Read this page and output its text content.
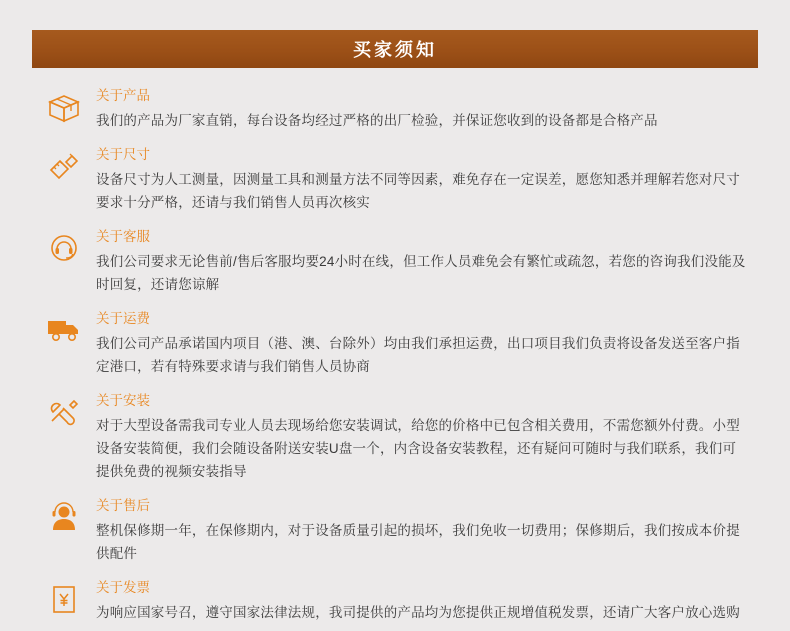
买家须知

关于产品

我们的产品为厂家直销，每台设备均经过严格的出厂检验，并保证您收到的设备都是合格产品

关于尺寸

设备尺寸为人工测量，因测量工具和测量方法不同等因素，难免存在一定误差，愿您知悉并理解若您对尺寸要求十分严格，还请与我们销售人员再次核实

关于客服

我们公司要求无论售前/售后客服均要24小时在线，但工作人员难免会有繁忙或疏忽，若您的咨询我们没能及时回复，还请您谅解

关于运费

我们公司产品承诺国内项目（港、澳、台除外）均由我们承担运费，出口项目我们负责将设备发送至客户指定港口，若有特殊要求请与我们销售人员协商

关于安装

对于大型设备需我司专业人员去现场给您安装调试，给您的价格中已包含相关费用，不需您额外付费。小型设备安装简便，我们会随设备附送安装U盘一个，内含设备安装教程，还有疑问可随时与我们联系，我们可提供免费的视频安装指导

关于售后

整机保修期一年，在保修期内，对于设备质量引起的损坏，我们免收一切费用；保修期后，我们按成本价提供配件

关于发票

为响应国家号召，遵守国家法律法规，我司提供的产品均为您提供正规增值税发票，还请广大客户放心选购
